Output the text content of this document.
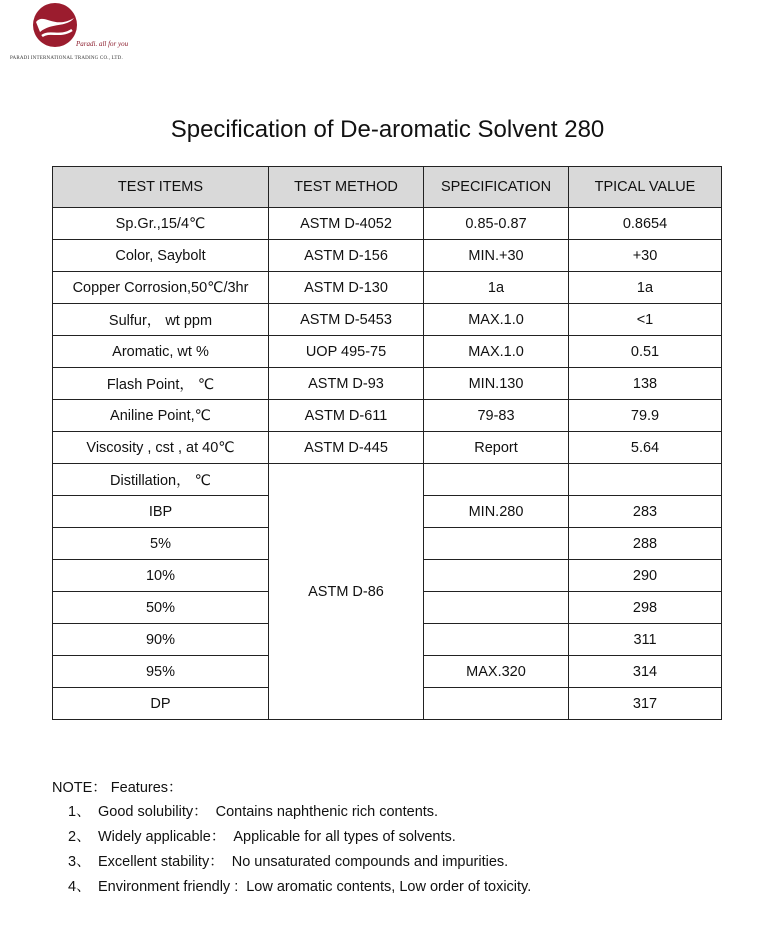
Paradi. all for you
PARADI INTERNATIONAL TRADING CO., LTD.
Specification of De-aromatic Solvent 280
TEST ITEMS	TEST METHOD	SPECIFICATION	TPICAL VALUE
Sp.Gr.,15/4℃	ASTM D-4052	0.85-0.87	0.8654
Color, Saybolt	ASTM D-156	MIN.+30	+30
Copper Corrosion,50℃/3hr	ASTM D-130	1a	1a
Sulfur， wt ppm	ASTM D-5453	MAX.1.0	<1
Aromatic, wt %	UOP 495-75	MAX.1.0	0.51
Flash Point， ℃	ASTM D-93	MIN.130	138
Aniline Point,℃	ASTM D-611	79-83	79.9
Viscosity , cst , at 40℃	ASTM D-445	Report	5.64
Distillation， ℃	ASTM D-86		
IBP		MIN.280	283
5%			288
10%			290
50%			298
90%			311
95%		MAX.320	314
DP			317
NOTE： Features：
1、 Good solubility： Contains naphthenic rich contents.
2、 Widely applicable： Applicable for all types of solvents.
3、 Excellent stability： No unsaturated compounds and impurities.
4、 Environment friendly : Low aromatic contents, Low order of toxicity.
